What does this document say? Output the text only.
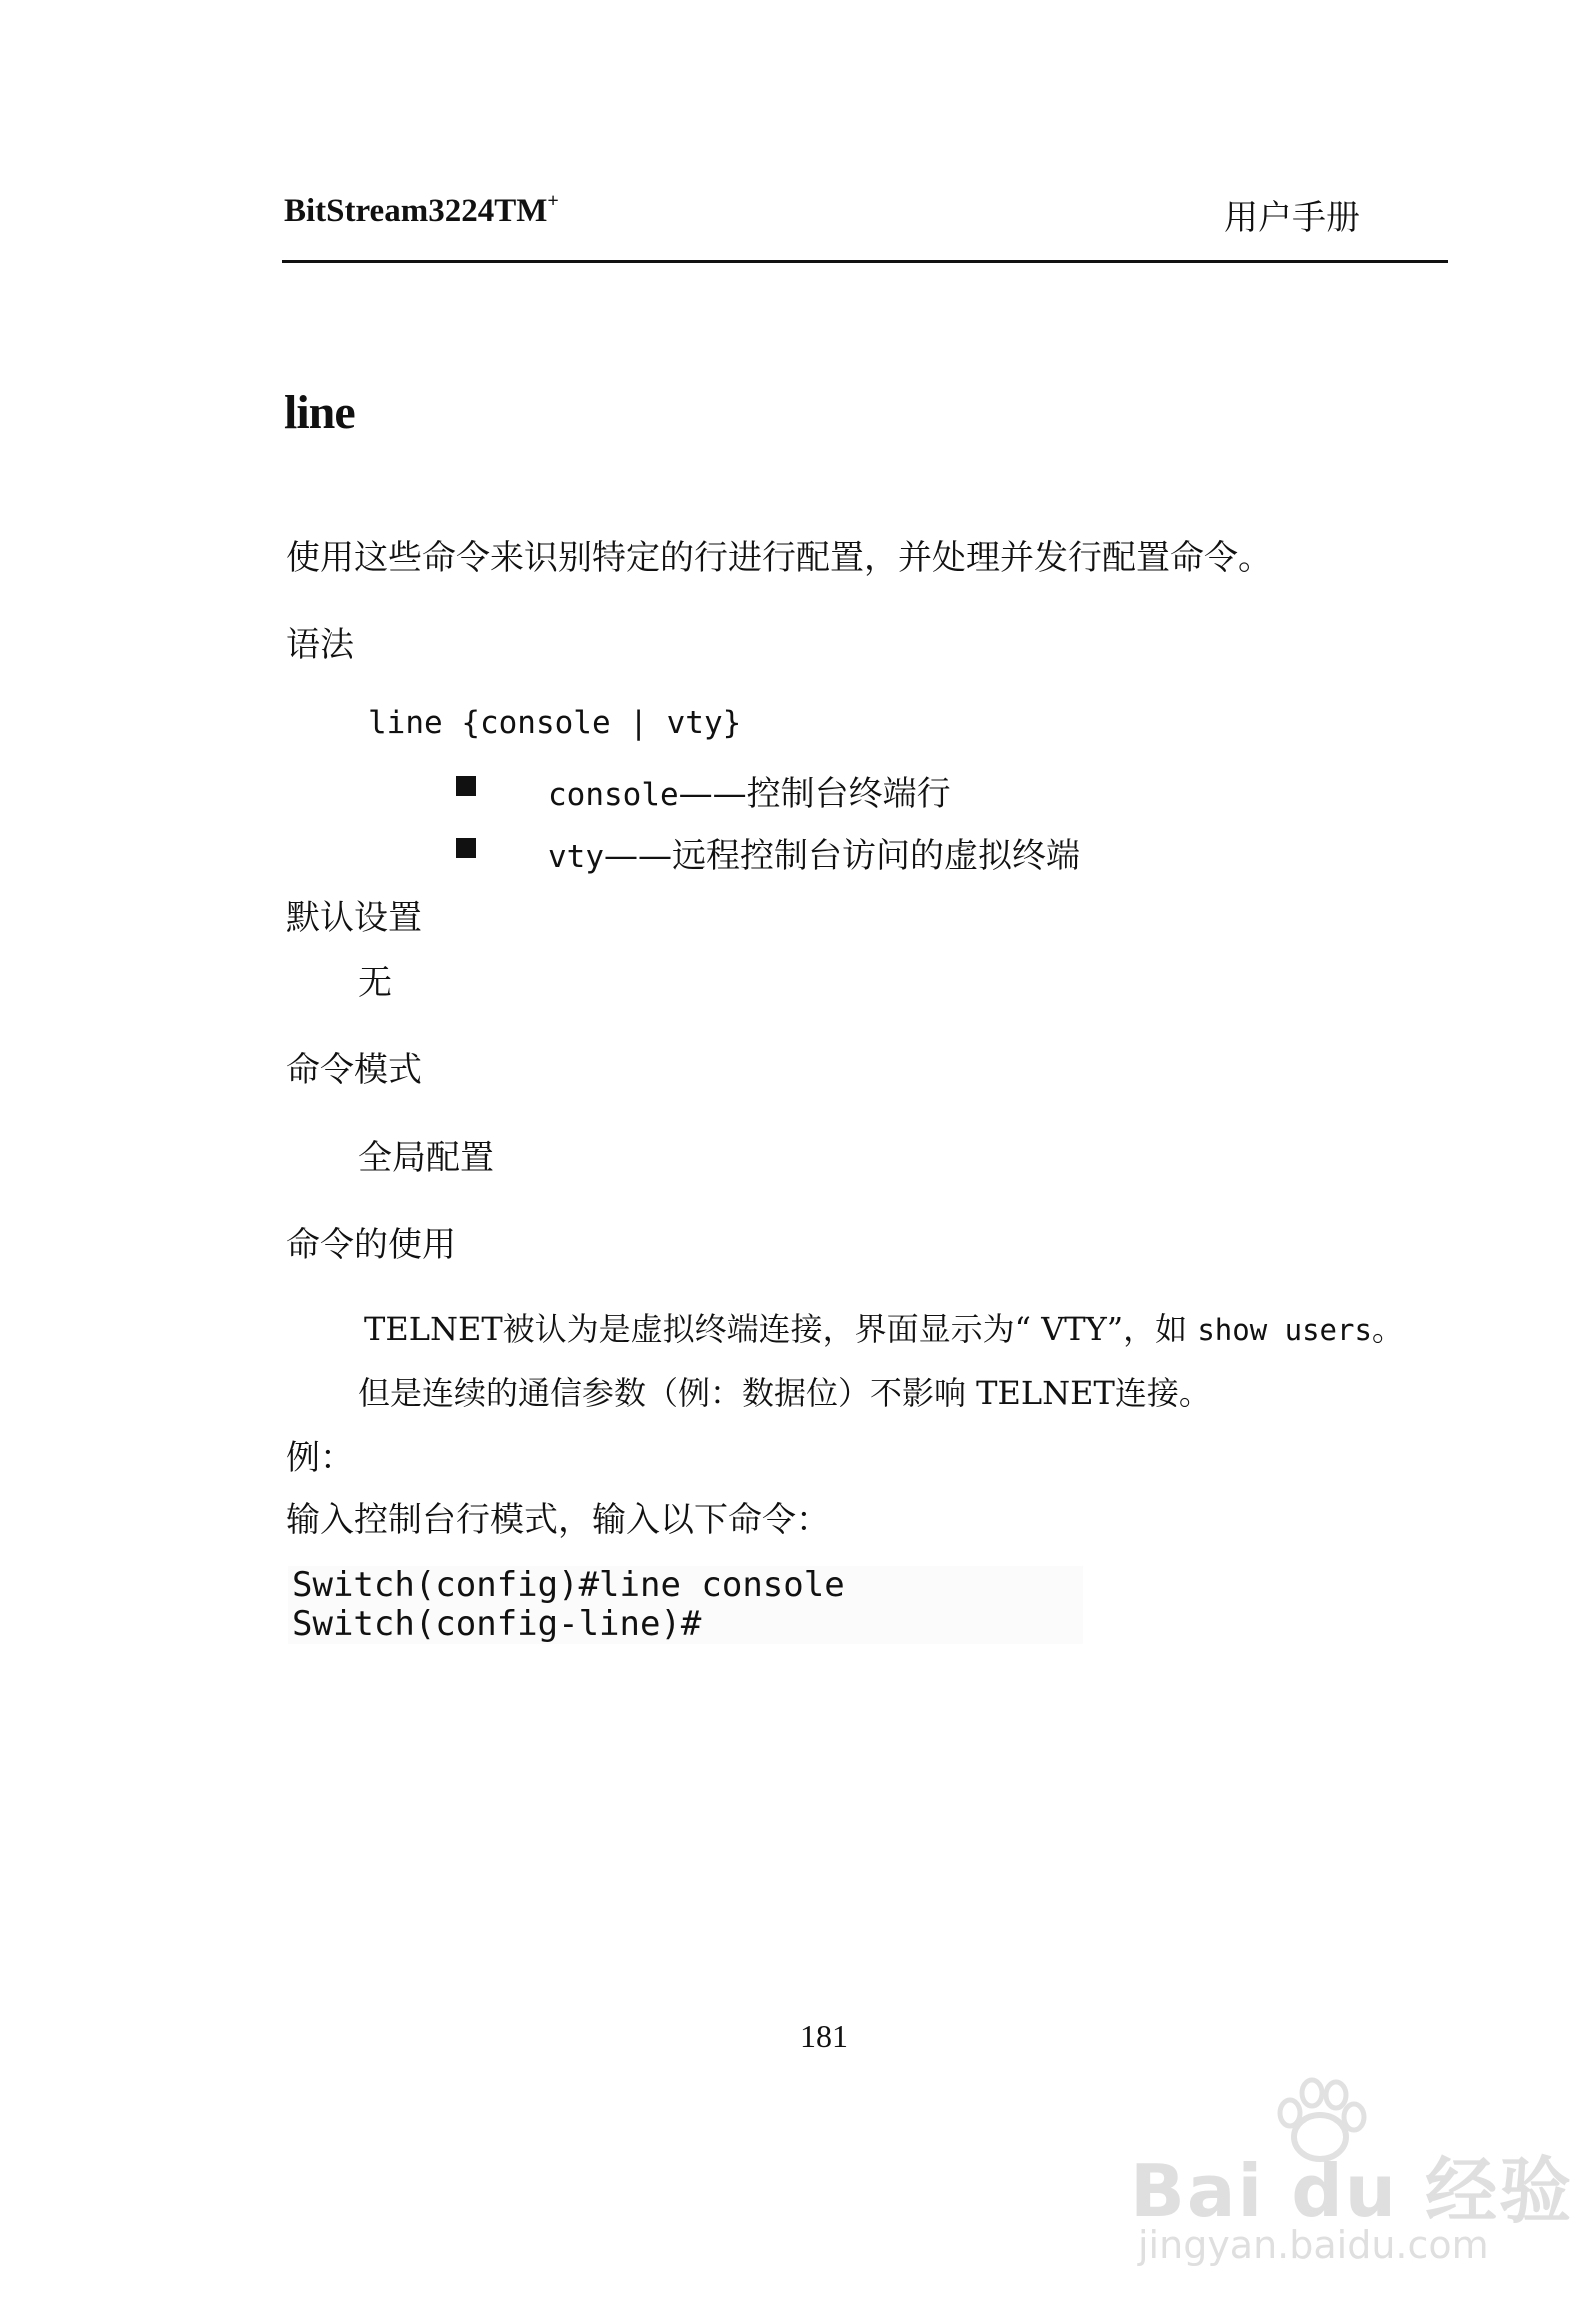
BitStream3224TM+	用户手册
line
使用这些命令来识别特定的行进行配置，并处理并发行配置命令。
语法
line {console | vty}
console——控制台终端行
vty——远程控制台访问的虚拟终端
默认设置
无
命令模式
全局配置
命令的使用
TELNET被认为是虚拟终端连接，界面显示为“ VTY”，如 show users。
但是连续的通信参数（例：数据位）不影响 TELNET连接。
例：
输入控制台行模式，输入以下命令：
Switch(config)#line console
Switch(config-line)#
181
Bai du 经验
jingyan.baidu.com
